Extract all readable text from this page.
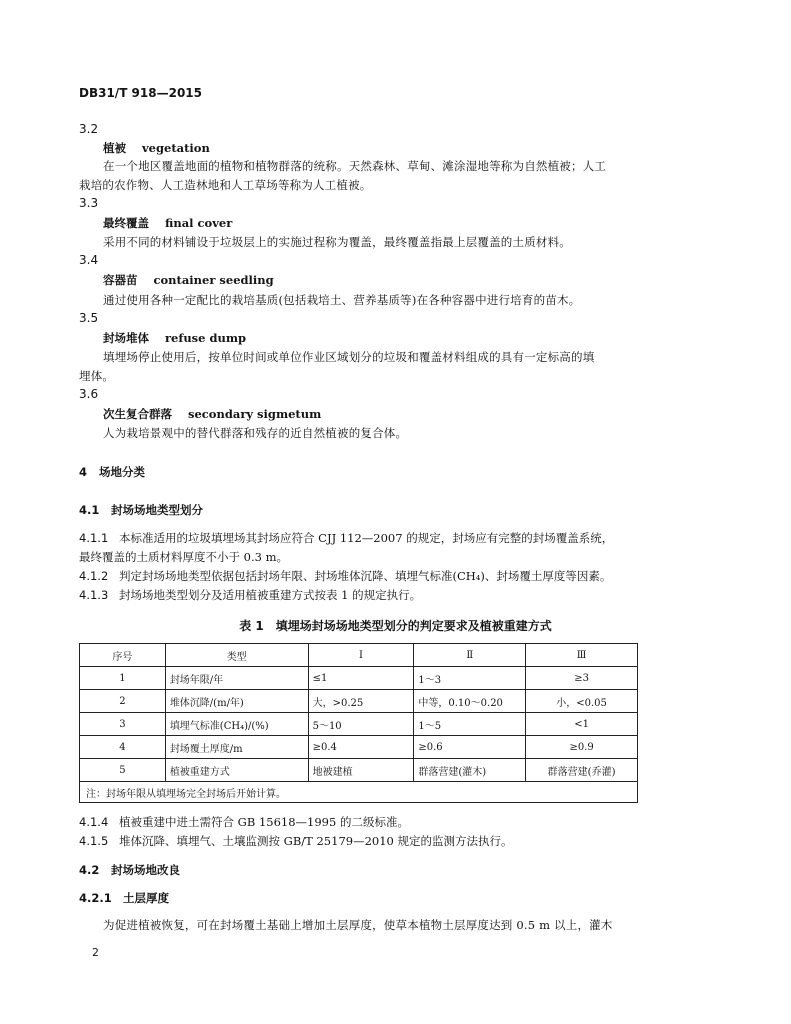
DB31/T 918—2015
3.2
植被 vegetation
在一个地区覆盖地面的植物和植物群落的统称。天然森林、草甸、滩涂湿地等称为自然植被；人工
栽培的农作物、人工造林地和人工草场等称为人工植被。
3.3
最终覆盖 final cover
采用不同的材料铺设于垃圾层上的实施过程称为覆盖，最终覆盖指最上层覆盖的土质材料。
3.4
容器苗 container seedling
通过使用各种一定配比的栽培基质(包括栽培土、营养基质等)在各种容器中进行培育的苗木。
3.5
封场堆体 refuse dump
填埋场停止使用后，按单位时间或单位作业区域划分的垃圾和覆盖材料组成的具有一定标高的填
埋体。
3.6
次生复合群落 secondary sigmetum
人为栽培景观中的替代群落和残存的近自然植被的复合体。
4 场地分类
4.1 封场场地类型划分
4.1.1 本标准适用的垃圾填埋场其封场应符合 CJJ 112—2007 的规定，封场应有完整的封场覆盖系统，
最终覆盖的土质材料厚度不小于 0.3 m。
4.1.2 判定封场场地类型依据包括封场年限、封场堆体沉降、填埋气标准(CH₄)、封场覆土厚度等因素。
4.1.3 封场场地类型划分及适用植被重建方式按表 1 的规定执行。
表 1　填埋场封场场地类型划分的判定要求及植被重建方式
序号	类型	Ⅰ	Ⅱ	Ⅲ
1	封场年限/年	≤1	1～3	≥3
2	堆体沉降/(m/年)	大，>0.25	中等，0.10～0.20	小，<0.05
3	填埋气标准(CH₄)/(%)	5～10	1～5	<1
4	封场覆土厚度/m	≥0.4	≥0.6	≥0.9
5	植被重建方式	地被建植	群落营建(灌木)	群落营建(乔灌)
注：封场年限从填埋场完全封场后开始计算。				
4.1.4 植被重建中进土需符合 GB 15618—1995 的二级标准。
4.1.5 堆体沉降、填埋气、土壤监测按 GB/T 25179—2010 规定的监测方法执行。
4.2 封场场地改良
4.2.1 土层厚度
为促进植被恢复，可在封场覆土基础上增加土层厚度，使草本植物土层厚度达到 0.5 m 以上，灌木
2
